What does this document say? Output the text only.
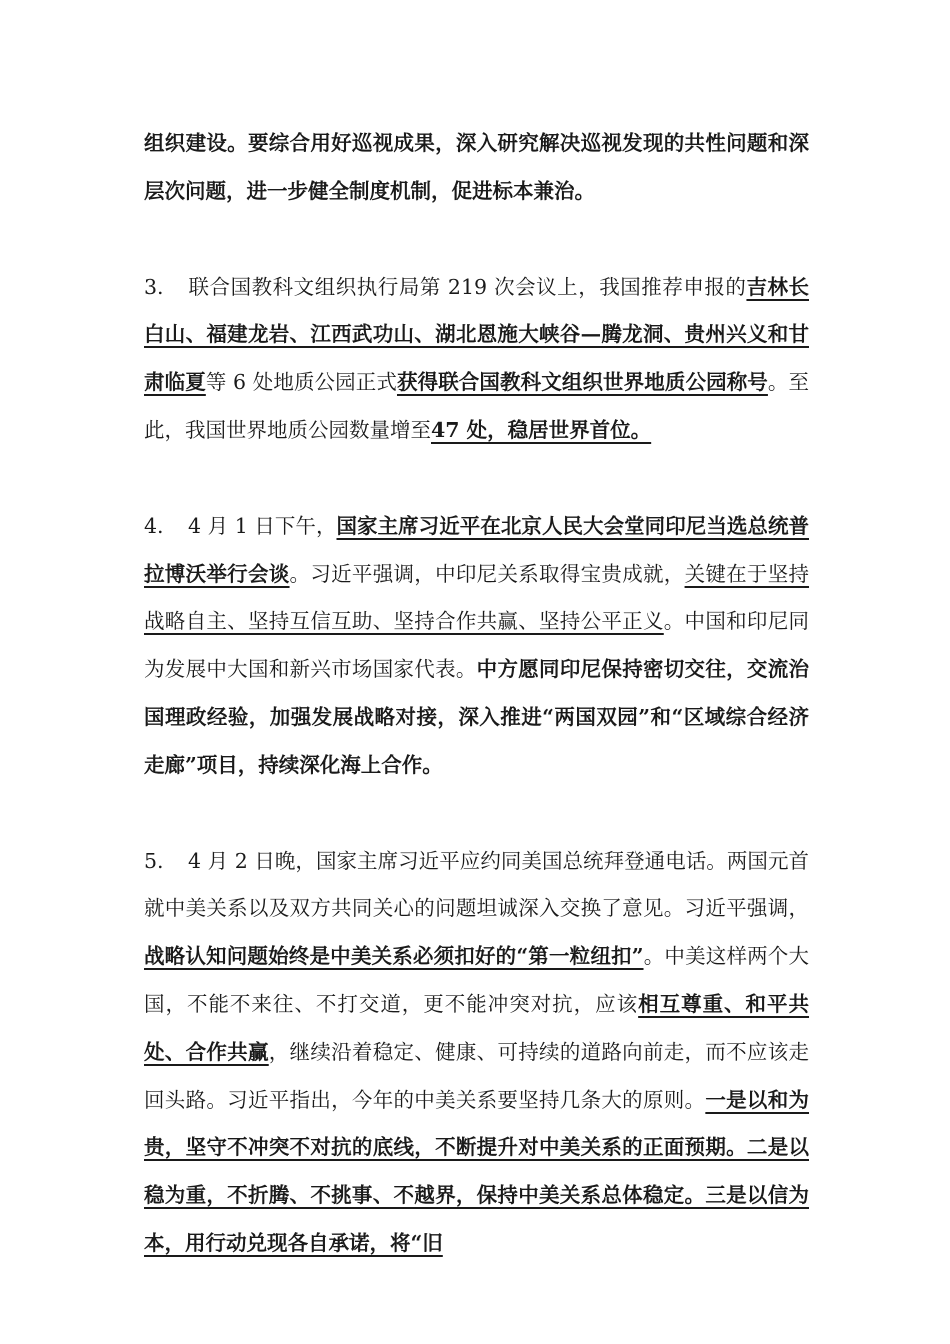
组织建设。要综合用好巡视成果，深入研究解决巡视发现的共性问题和深层次问题，进一步健全制度机制，促进标本兼治。

3. 联合国教科文组织执行局第 219 次会议上，我国推荐申报的吉林长白山、福建龙岩、江西武功山、湖北恩施大峡谷—腾龙洞、贵州兴义和甘肃临夏等 6 处地质公园正式获得联合国教科文组织世界地质公园称号。至此，我国世界地质公园数量增至47 处，稳居世界首位。

4. 4 月 1 日下午，国家主席习近平在北京人民大会堂同印尼当选总统普拉博沃举行会谈。习近平强调，中印尼关系取得宝贵成就，关键在于坚持战略自主、坚持互信互助、坚持合作共赢、坚持公平正义。中国和印尼同为发展中大国和新兴市场国家代表。中方愿同印尼保持密切交往，交流治国理政经验，加强发展战略对接，深入推进“两国双园”和“区域综合经济走廊”项目，持续深化海上合作。

5. 4 月 2 日晚，国家主席习近平应约同美国总统拜登通电话。两国元首就中美关系以及双方共同关心的问题坦诚深入交换了意见。习近平强调，战略认知问题始终是中美关系必须扣好的“第一粒纽扣”。中美这样两个大国，不能不来往、不打交道，更不能冲突对抗，应该相互尊重、和平共处、合作共赢，继续沿着稳定、健康、可持续的道路向前走，而不应该走回头路。习近平指出，今年的中美关系要坚持几条大的原则。一是以和为贵，坚守不冲突不对抗的底线，不断提升对中美关系的正面预期。二是以稳为重，不折腾、不挑事、不越界，保持中美关系总体稳定。三是以信为本，用行动兑现各自承诺，将“旧
